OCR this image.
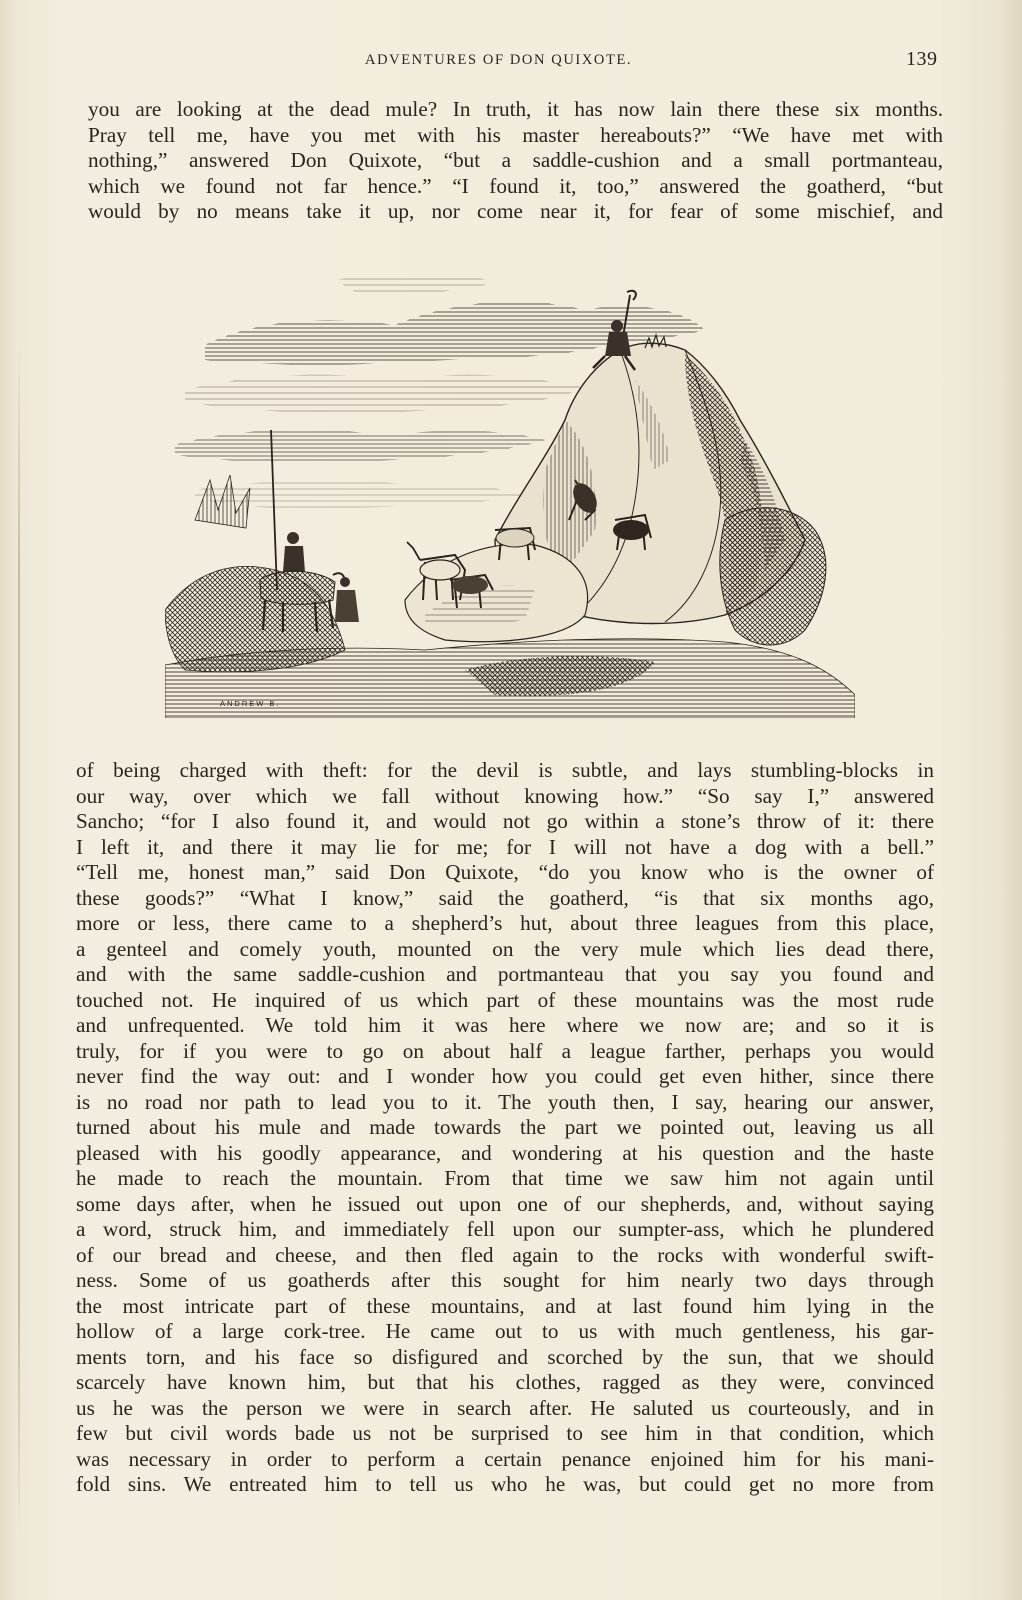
ADVENTURES OF DON QUIXOTE.	139

you are looking at the dead mule? In truth, it has now lain there these six months.

Pray tell me, have you met with his master hereabouts?” “We have met with

nothing,” answered Don Quixote, “but a saddle-cushion and a small portmanteau,

which we found not far hence.” “I found it, too,” answered the goatherd, “but

would by no means take it up, nor come near it, for fear of some mischief, and

ANDREW B.

of being charged with theft: for the devil is subtle, and lays stumbling-blocks in

our way, over which we fall without knowing how.” “So say I,” answered

Sancho; “for I also found it, and would not go within a stone’s throw of it: there

I left it, and there it may lie for me; for I will not have a dog with a bell.”

“Tell me, honest man,” said Don Quixote, “do you know who is the owner of

these goods?” “What I know,” said the goatherd, “is that six months ago,

more or less, there came to a shepherd’s hut, about three leagues from this place,

a genteel and comely youth, mounted on the very mule which lies dead there,

and with the same saddle-cushion and portmanteau that you say you found and

touched not. He inquired of us which part of these mountains was the most rude

and unfrequented. We told him it was here where we now are; and so it is

truly, for if you were to go on about half a league farther, perhaps you would

never find the way out: and I wonder how you could get even hither, since there

is no road nor path to lead you to it. The youth then, I say, hearing our answer,

turned about his mule and made towards the part we pointed out, leaving us all

pleased with his goodly appearance, and wondering at his question and the haste

he made to reach the mountain. From that time we saw him not again until

some days after, when he issued out upon one of our shepherds, and, without saying

a word, struck him, and immediately fell upon our sumpter-ass, which he plundered

of our bread and cheese, and then fled again to the rocks with wonderful swift-

ness. Some of us goatherds after this sought for him nearly two days through

the most intricate part of these mountains, and at last found him lying in the

hollow of a large cork-tree. He came out to us with much gentleness, his gar-

ments torn, and his face so disfigured and scorched by the sun, that we should

scarcely have known him, but that his clothes, ragged as they were, convinced

us he was the person we were in search after. He saluted us courteously, and in

few but civil words bade us not be surprised to see him in that condition, which

was necessary in order to perform a certain penance enjoined him for his mani-

fold sins. We entreated him to tell us who he was, but could get no more from
